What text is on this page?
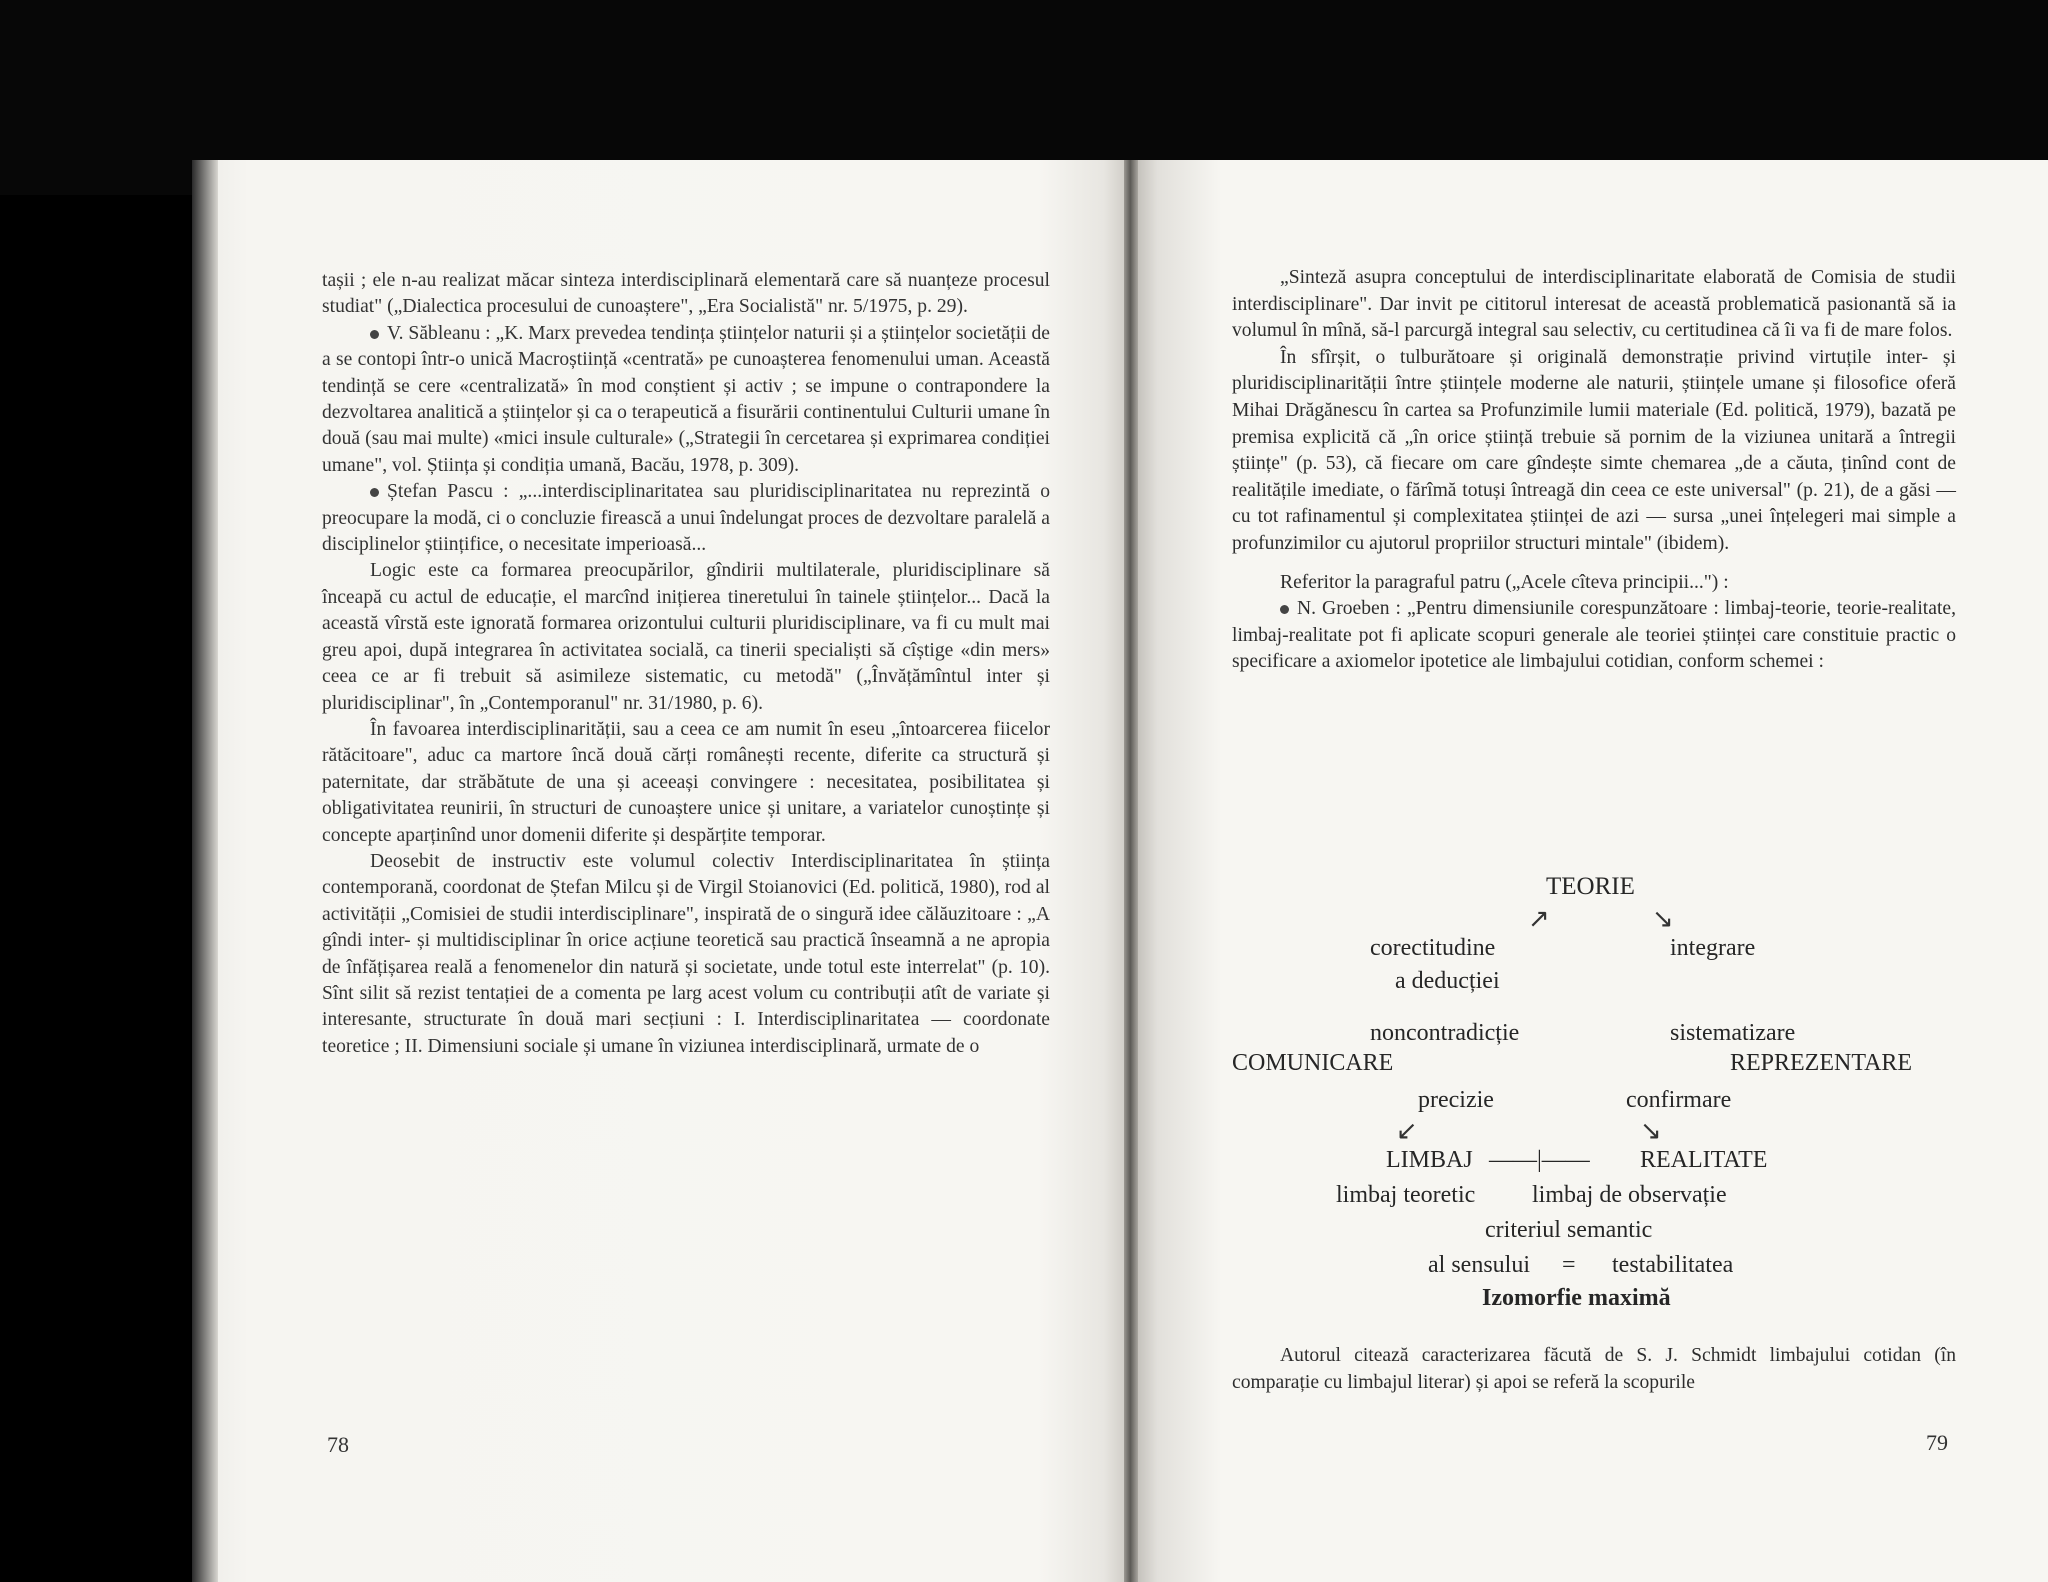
tașii ; ele n-au realizat măcar sinteza interdisciplinară elementară care să nuanțeze procesul studiat" („Dialectica procesului de cunoaștere", „Era Socialistă" nr. 5/1975, p. 29).

V. Săbleanu : „K. Marx prevedea tendința științelor naturii și a științelor societății de a se contopi într-o unică Macroștiință «centrată» pe cunoașterea fenomenului uman. Această tendință se cere «centralizată» în mod conștient și activ ; se impune o contrapondere la dezvoltarea analitică a științelor și ca o terapeutică a fisurării continentului Culturii umane în două (sau mai multe) «mici insule culturale» („Strategii în cercetarea și exprimarea condiției umane", vol. Știința și condiția umană, Bacău, 1978, p. 309).

Ștefan Pascu : „...interdisciplinaritatea sau pluridisciplinaritatea nu reprezintă o preocupare la modă, ci o concluzie firească a unui îndelungat proces de dezvoltare paralelă a disciplinelor științifice, o necesitate imperioasă...

Logic este ca formarea preocupărilor, gîndirii multilaterale, pluridisciplinare să înceapă cu actul de educație, el marcînd inițierea tineretului în tainele științelor... Dacă la această vîrstă este ignorată formarea orizontului culturii pluridisciplinare, va fi cu mult mai greu apoi, după integrarea în activitatea socială, ca tinerii specialiști să cîștige «din mers» ceea ce ar fi trebuit să asimileze sistematic, cu metodă" („Învățămîntul inter și pluridisciplinar", în „Contemporanul" nr. 31/1980, p. 6).

În favoarea interdisciplinarității, sau a ceea ce am numit în eseu „întoarcerea fiicelor rătăcitoare", aduc ca martore încă două cărți românești recente, diferite ca structură și paternitate, dar străbătute de una și aceeași convingere : necesitatea, posibilitatea și obligativitatea reunirii, în structuri de cunoaștere unice și unitare, a variatelor cunoștințe și concepte aparținînd unor domenii diferite și despărțite temporar.

Deosebit de instructiv este volumul colectiv Interdisciplinaritatea în știința contemporană, coordonat de Ștefan Milcu și de Virgil Stoianovici (Ed. politică, 1980), rod al activității „Comisiei de studii interdisciplinare", inspirată de o singură idee călăuzitoare : „A gîndi inter- și multidisciplinar în orice acțiune teoretică sau practică înseamnă a ne apropia de înfățișarea reală a fenomenelor din natură și societate, unde totul este interrelat" (p. 10). Sînt silit să rezist tentației de a comenta pe larg acest volum cu contribuții atît de variate și interesante, structurate în două mari secțiuni : I. Interdisciplinaritatea — coordonate teoretice ; II. Dimensiuni sociale și umane în viziunea interdisciplinară, urmate de o

78

„Sinteză asupra conceptului de interdisciplinaritate elaborată de Comisia de studii interdisciplinare". Dar invit pe cititorul interesat de această problematică pasionantă să ia volumul în mînă, să-l parcurgă integral sau selectiv, cu certitudinea că îi va fi de mare folos.

În sfîrșit, o tulburătoare și originală demonstrație privind virtuțile inter- și pluridisciplinarității între științele moderne ale naturii, științele umane și filosofice oferă Mihai Drăgănescu în cartea sa Profunzimile lumii materiale (Ed. politică, 1979), bazată pe premisa explicită că „în orice știință trebuie să pornim de la viziunea unitară a întregii științe" (p. 53), că fiecare om care gîndește simte chemarea „de a căuta, ținînd cont de realitățile imediate, o fărîmă totuși întreagă din ceea ce este universal" (p. 21), de a găsi — cu tot rafinamentul și complexitatea științei de azi — sursa „unei înțelegeri mai simple a profunzimilor cu ajutorul propriilor structuri mintale" (ibidem).

Referitor la paragraful patru („Acele cîteva principii...") :

N. Groeben : „Pentru dimensiunile corespunzătoare : limbaj-teorie, teorie-realitate, limbaj-realitate pot fi aplicate scopuri generale ale teoriei științei care constituie practic o specificare a axiomelor ipotetice ale limbajului cotidian, conform schemei :

TEORIE
↗	↘
corectitudine	integrare
a deducției
noncontradicție	sistematizare
COMUNICARE	REPREZENTARE
precizie	confirmare
↙	↘
LIMBAJ ——|—— REALITATE
limbaj teoretic limbaj de observație
criteriul semantic
al sensului = testabilitatea
Izomorfie maximă

Autorul citează caracterizarea făcută de S. J. Schmidt limbajului cotidan (în comparație cu limbajul literar) și apoi se referă la scopurile

79
